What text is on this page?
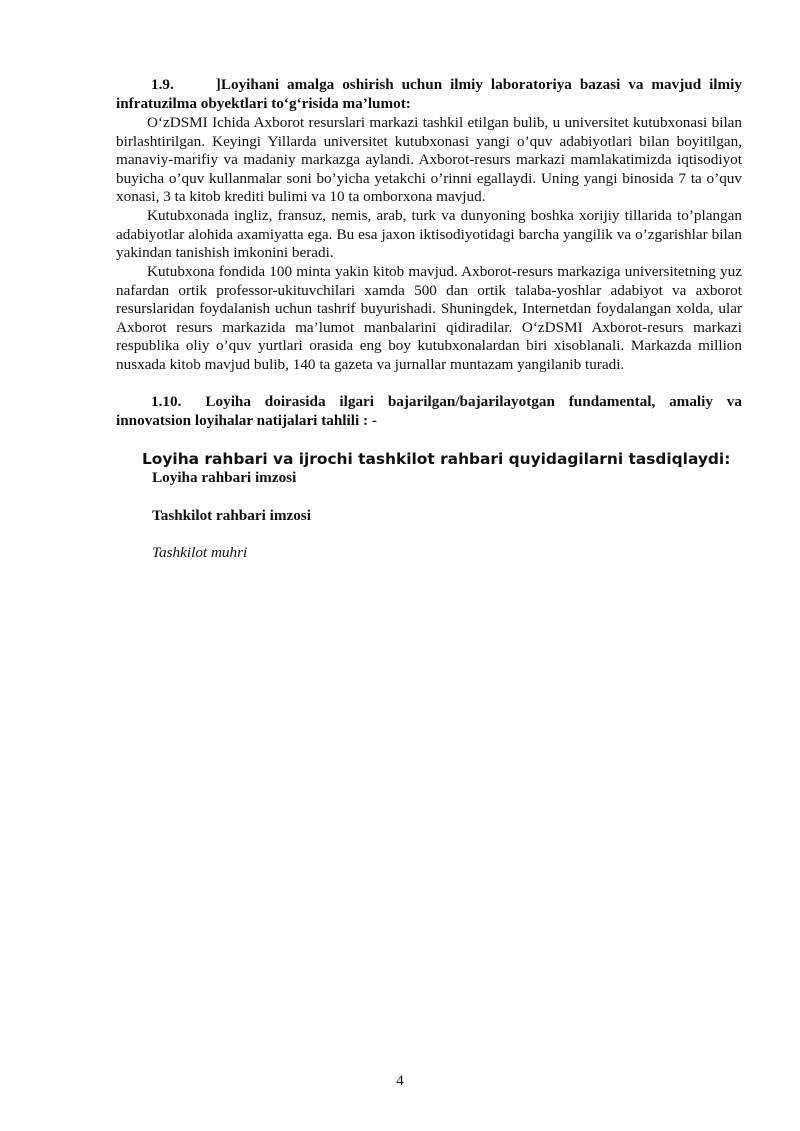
1.9.	]Loyihani amalga oshirish uchun ilmiy laboratoriya bazasi va mavjud ilmiy infratuzilma obyektlari to‘g‘risida ma’lumot:

O‘zDSMI Ichida Axborot resurslari markazi tashkil etilgan bulib, u universitet kutubxonasi bilan birlashtirilgan. Keyingi Yillarda universitet kutubxonasi yangi o’quv adabiyotlari bilan boyitilgan, manaviy-marifiy va madaniy markazga aylandi. Axborot-resurs markazi mamlakatimizda iqtisodiyot buyicha o’quv kullanmalar soni bo’yicha yetakchi o’rinni egallaydi. Uning yangi binosida 7 ta o’quv xonasi, 3 ta kitob krediti bulimi va 10 ta omborxona mavjud.

Kutubxonada ingliz, fransuz, nemis, arab, turk va dunyoning boshka xorijiy tillarida to’plangan adabiyotlar alohida axamiyatta ega. Bu esa jaxon iktisodiyotidagi barcha yangilik va o’zgarishlar bilan yakindan tanishish imkonini beradi.

Kutubxona fondida 100 minta yakin kitob mavjud. Axborot-resurs markaziga universitetning yuz nafardan ortik professor-ukituvchilari xamda 500 dan ortik talaba-yoshlar adabiyot va axborot resurslaridan foydalanish uchun tashrif buyurishadi. Shuningdek, Internetdan foydalangan xolda, ular Axborot resurs markazida ma’lumot manbalarini qidiradilar. O‘zDSMI Axborot-resurs markazi respublika oliy o’quv yurtlari orasida eng boy kutubxonalardan biri xisoblanali. Markazda million nusxada kitob mavjud bulib, 140 ta gazeta va jurnallar muntazam yangilanib turadi.

1.10. Loyiha doirasida ilgari bajarilgan/bajarilayotgan fundamental, amaliy va innovatsion loyihalar natijalari tahlili : -
Loyiha rahbari va ijrochi tashkilot rahbari quyidagilarni tasdiqlaydi:
Loyiha rahbari imzosi
Tashkilot rahbari imzosi
Tashkilot muhri
4
